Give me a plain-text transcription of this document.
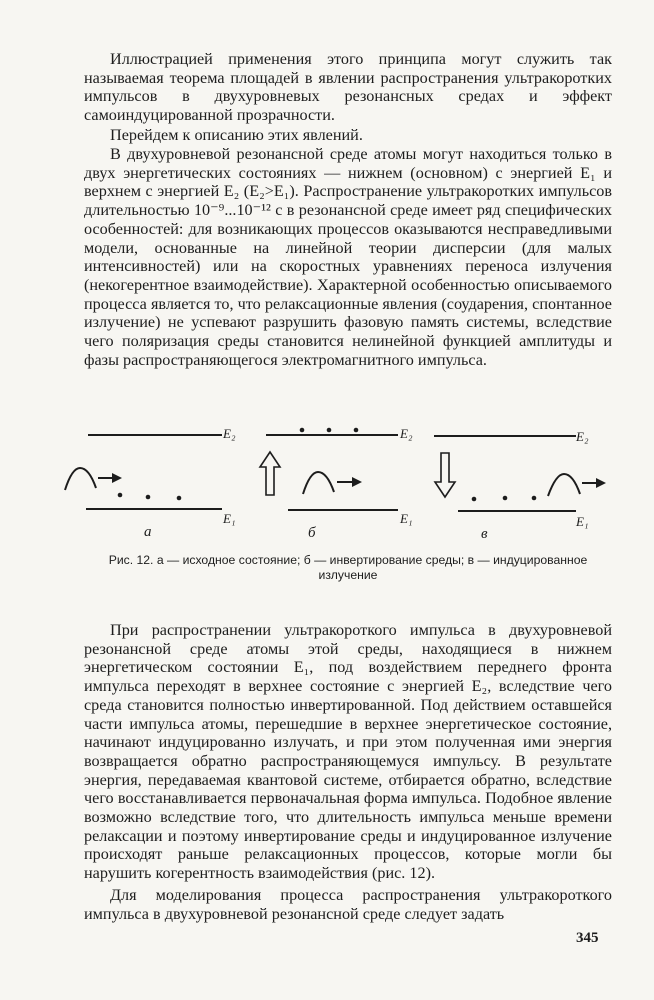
Иллюстрацией применения этого принципа могут служить так называемая теорема площадей в явлении распространения ультракоротких импульсов в двухуровневых резонансных средах и эффект самоиндуцированной прозрачности.

Перейдем к описанию этих явлений.

В двухуровневой резонансной среде атомы могут находиться только в двух энергетических состояниях — нижнем (основном) с энергией E₁ и верхнем с энергией E₂ (E₂>E₁). Распространение ультракоротких импульсов длительностью 10⁻⁹...10⁻¹² с в резонансной среде имеет ряд специфических особенностей: для возникающих процессов оказываются несправедливыми модели, основанные на линейной теории дисперсии (для малых интенсивностей) или на скоростных уравнениях переноса излучения (некогерентное взаимодействие). Характерной особенностью описываемого процесса является то, что релаксационные явления (соударения, спонтанное излучение) не успевают разрушить фазовую память системы, вследствие чего поляризация среды становится нелинейной функцией амплитуды и фазы распространяющегося электромагнитного импульса.

E₂
E₁
E₂
E₁
E₂
E₁
а	б	в

Рис. 12. а — исходное состояние; б — инвертирование среды; в — индуцированное излучение

При распространении ультракороткого импульса в двухуровневой резонансной среде атомы этой среды, находящиеся в нижнем энергетическом состоянии E₁, под воздействием переднего фронта импульса переходят в верхнее состояние с энергией E₂, вследствие чего среда становится полностью инвертированной. Под действием оставшейся части импульса атомы, перешедшие в верхнее энергетическое состояние, начинают индуцированно излучать, и при этом полученная ими энергия возвращается обратно распространяющемуся импульсу. В результате энергия, передаваемая квантовой системе, отбирается обратно, вследствие чего восстанавливается первоначальная форма импульса. Подобное явление возможно вследствие того, что длительность импульса меньше времени релаксации и поэтому инвертирование среды и индуцированное излучение происходят раньше релаксационных процессов, которые могли бы нарушить когерентность взаимодействия (рис. 12).

Для моделирования процесса распространения ультракороткого импульса в двухуровневой резонансной среде следует задать

345
